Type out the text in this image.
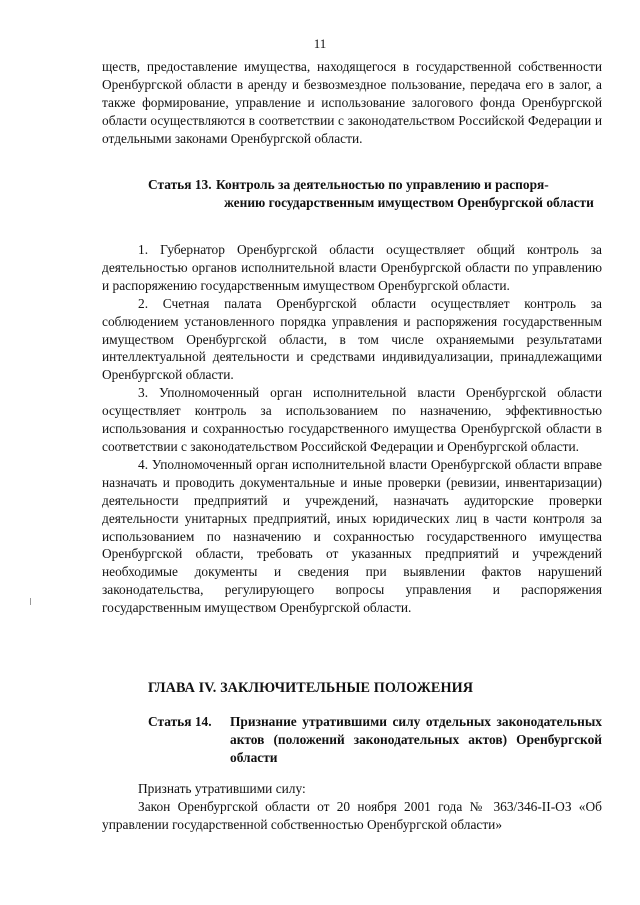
11

ществ, предоставление имущества, находящегося в государственной собственности Оренбургской области в аренду и безвозмездное пользование, передача его в залог, а также формирование, управление и использование залогового фонда Оренбургской области осуществляются в соответствии с законодательством Российской Федерации и отдельными законами Оренбургской области.

Статья 13. Контроль за деятельностью по управлению и распоря-
жению государственным имуществом Оренбургской области

1. Губернатор Оренбургской области осуществляет общий контроль за деятельностью органов исполнительной власти Оренбургской области по управлению и распоряжению государственным имуществом Оренбургской области.

2. Счетная палата Оренбургской области осуществляет контроль за соблюдением установленного порядка управления и распоряжения государственным имуществом Оренбургской области, в том числе охраняемыми результатами интеллектуальной деятельности и средствами индивидуализации, принадлежащими Оренбургской области.

3. Уполномоченный орган исполнительной власти Оренбургской области осуществляет контроль за использованием по назначению, эффективностью использования и сохранностью государственного имущества Оренбургской области в соответствии с законодательством Российской Федерации и Оренбургской области.

4. Уполномоченный орган исполнительной власти Оренбургской области вправе назначать и проводить документальные и иные проверки (ревизии, инвентаризации) деятельности предприятий и учреждений, назначать аудиторские проверки деятельности унитарных предприятий, иных юридических лиц в части контроля за использованием по назначению и сохранностью государственного имущества Оренбургской области, требовать от указанных предприятий и учреждений необходимые документы и сведения при выявлении фактов нарушений законодательства, регулирующего вопросы управления и распоряжения государственным имуществом Оренбургской области.

ГЛАВА IV. ЗАКЛЮЧИТЕЛЬНЫЕ ПОЛОЖЕНИЯ
Статья 14.	Признание утратившими силу отдельных законодательных актов (положений законодательных актов) Оренбургской области

Признать утратившими силу:

Закон Оренбургской области от 20 ноября 2001 года № 363/346-II-ОЗ «Об управлении государственной собственностью Оренбургской области»
